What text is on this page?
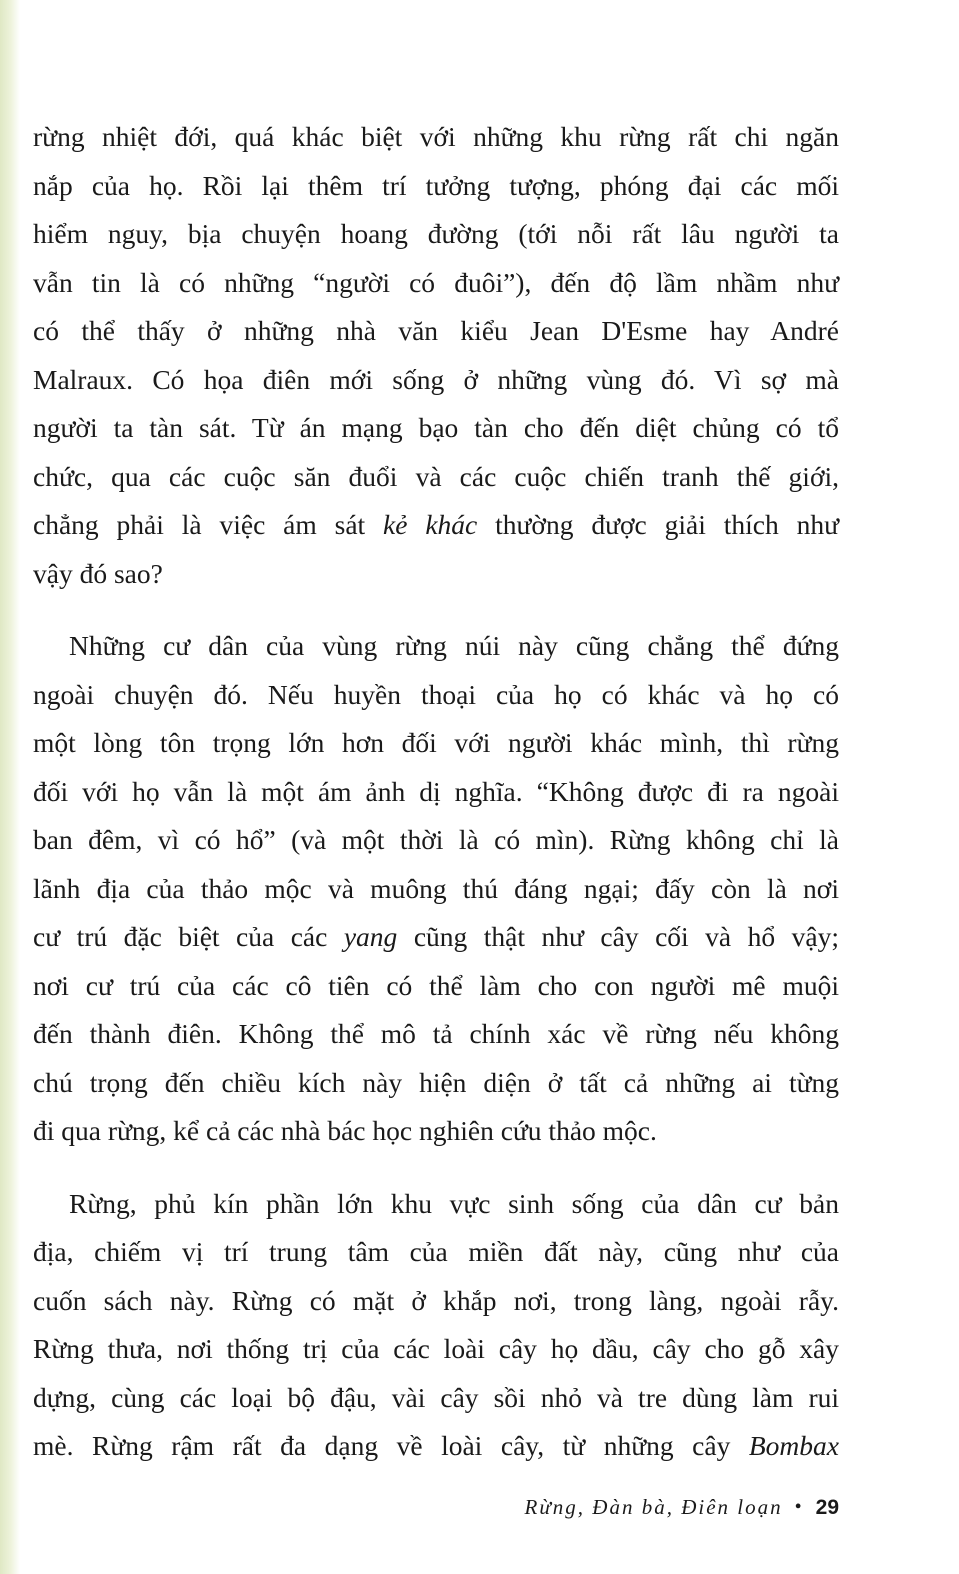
rừng nhiệt đới, quá khác biệt với những khu rừng rất chi ngăn
nắp của họ. Rồi lại thêm trí tưởng tượng, phóng đại các mối
hiểm nguy, bịa chuyện hoang đường (tới nỗi rất lâu người ta
vẫn tin là có những “người có đuôi”), đến độ lầm nhầm như
có thể thấy ở những nhà văn kiểu Jean D'Esme hay André
Malraux. Có họa điên mới sống ở những vùng đó. Vì sợ mà
người ta tàn sát. Từ án mạng bạo tàn cho đến diệt chủng có tổ
chức, qua các cuộc săn đuổi và các cuộc chiến tranh thế giới,
chẳng phải là việc ám sát kẻ khác thường được giải thích như
vậy đó sao?
Những cư dân của vùng rừng núi này cũng chẳng thể đứng
ngoài chuyện đó. Nếu huyền thoại của họ có khác và họ có
một lòng tôn trọng lớn hơn đối với người khác mình, thì rừng
đối với họ vẫn là một ám ảnh dị nghĩa. “Không được đi ra ngoài
ban đêm, vì có hổ” (và một thời là có mìn). Rừng không chỉ là
lãnh địa của thảo mộc và muông thú đáng ngại; đấy còn là nơi
cư trú đặc biệt của các yang cũng thật như cây cối và hổ vậy;
nơi cư trú của các cô tiên có thể làm cho con người mê muội
đến thành điên. Không thể mô tả chính xác về rừng nếu không
chú trọng đến chiều kích này hiện diện ở tất cả những ai từng
đi qua rừng, kể cả các nhà bác học nghiên cứu thảo mộc.
Rừng, phủ kín phần lớn khu vực sinh sống của dân cư bản
địa, chiếm vị trí trung tâm của miền đất này, cũng như của
cuốn sách này. Rừng có mặt ở khắp nơi, trong làng, ngoài rẫy.
Rừng thưa, nơi thống trị của các loài cây họ dầu, cây cho gỗ xây
dựng, cùng các loại bộ đậu, vài cây sồi nhỏ và tre dùng làm rui
mè. Rừng rậm rất đa dạng về loài cây, từ những cây Bombax
Rừng, Đàn bà, Điên loạn • 29
